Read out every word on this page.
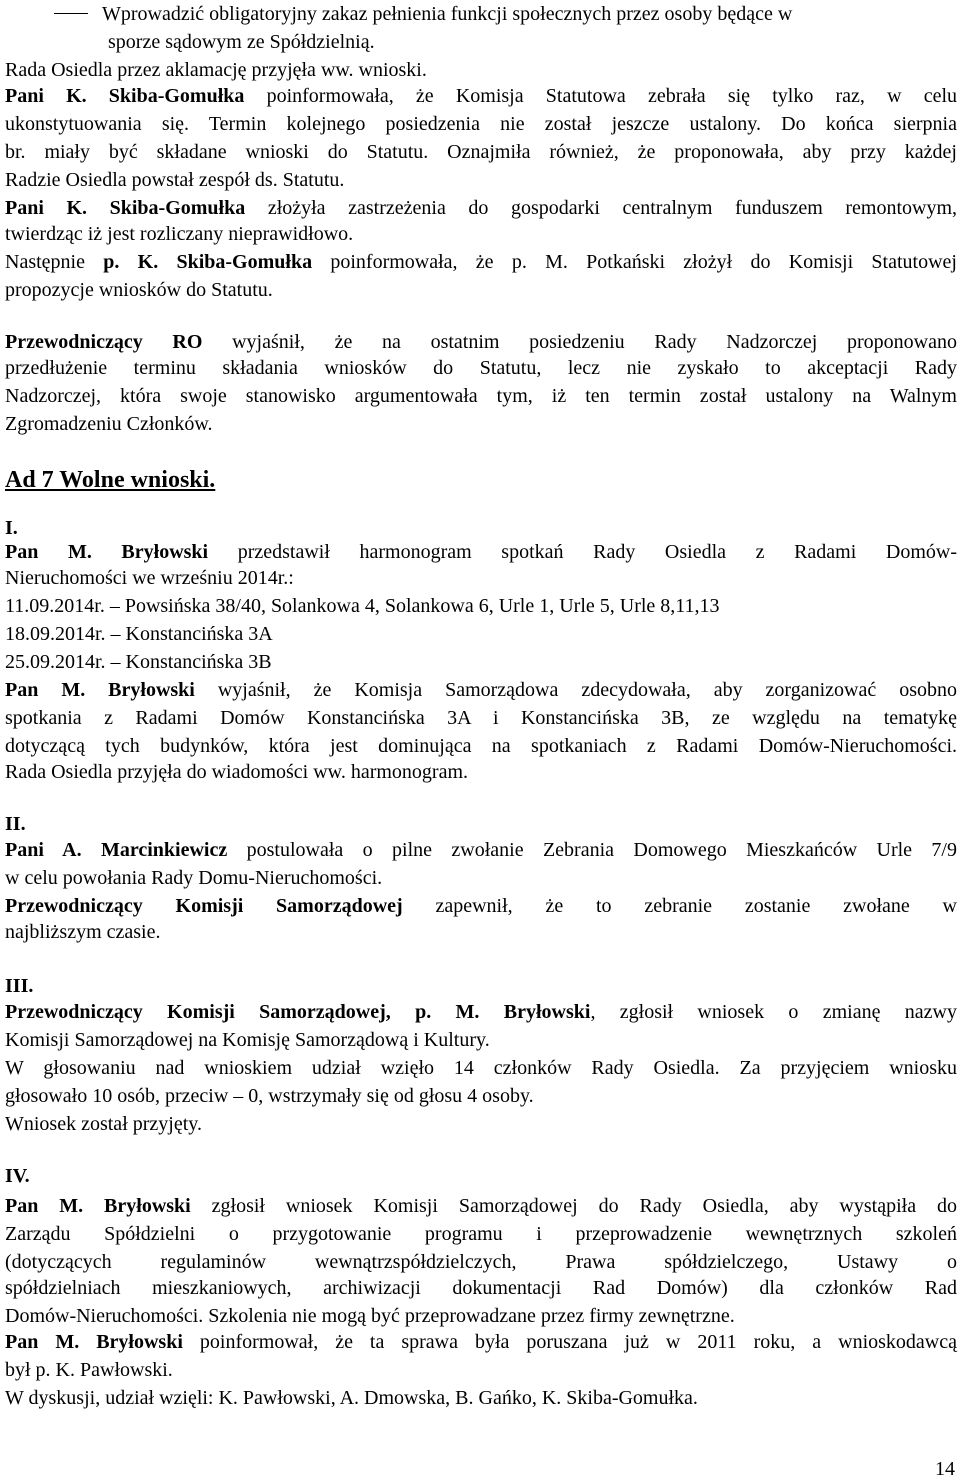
Wprowadzić obligatoryjny zakaz pełnienia funkcji społecznych przez osoby będące w
sporze sądowym ze Spółdzielnią.
Rada Osiedla przez aklamację przyjęła ww. wnioski.
Pani K. Skiba-Gomułka poinformowała, że Komisja Statutowa zebrała się tylko raz, w celu
ukonstytuowania się. Termin kolejnego posiedzenia nie został jeszcze ustalony. Do końca sierpnia
br. miały być składane wnioski do Statutu. Oznajmiła również, że proponowała, aby przy każdej
Radzie Osiedla powstał zespół ds. Statutu.
Pani K. Skiba-Gomułka złożyła zastrzeżenia do gospodarki centralnym funduszem remontowym,
twierdząc iż jest rozliczany nieprawidłowo.
Następnie p. K. Skiba-Gomułka poinformowała, że p. M. Potkański złożył do Komisji Statutowej
propozycje wniosków do Statutu.
Przewodniczący RO wyjaśnił, że na ostatnim posiedzeniu Rady Nadzorczej proponowano
przedłużenie terminu składania wniosków do Statutu, lecz nie zyskało to akceptacji Rady
Nadzorczej, która swoje stanowisko argumentowała tym, iż ten termin został ustalony na Walnym
Zgromadzeniu Członków.
Ad 7 Wolne wnioski.
I.
Pan M. Bryłowski przedstawił harmonogram spotkań Rady Osiedla z Radami Domów-
Nieruchomości we wrześniu 2014r.:
11.09.2014r. – Powsińska 38/40, Solankowa 4, Solankowa 6, Urle 1, Urle 5, Urle 8,11,13
18.09.2014r. – Konstancińska 3A
25.09.2014r. – Konstancińska 3B
Pan M. Bryłowski wyjaśnił, że Komisja Samorządowa zdecydowała, aby zorganizować osobno
spotkania z Radami Domów Konstancińska 3A i Konstancińska 3B, ze względu na tematykę
dotyczącą tych budynków, która jest dominująca na spotkaniach z Radami Domów-Nieruchomości.
Rada Osiedla przyjęła do wiadomości ww. harmonogram.
II.
Pani A. Marcinkiewicz postulowała o pilne zwołanie Zebrania Domowego Mieszkańców Urle 7/9
w celu powołania Rady Domu-Nieruchomości.
Przewodniczący Komisji Samorządowej zapewnił, że to zebranie zostanie zwołane w
najbliższym czasie.
III.
Przewodniczący Komisji Samorządowej, p. M. Bryłowski, zgłosił wniosek o zmianę nazwy
Komisji Samorządowej na Komisję Samorządową i Kultury.
W głosowaniu nad wnioskiem udział wzięło 14 członków Rady Osiedla. Za przyjęciem wniosku
głosowało 10 osób, przeciw – 0, wstrzymały się od głosu 4 osoby.
Wniosek został przyjęty.
IV.
Pan M. Bryłowski zgłosił wniosek Komisji Samorządowej do Rady Osiedla, aby wystąpiła do
Zarządu Spółdzielni o przygotowanie programu i przeprowadzenie wewnętrznych szkoleń
(dotyczących regulaminów wewnątrzspółdzielczych, Prawa spółdzielczego, Ustawy o
spółdzielniach mieszkaniowych, archiwizacji dokumentacji Rad Domów) dla członków Rad
Domów-Nieruchomości. Szkolenia nie mogą być przeprowadzane przez firmy zewnętrzne.
Pan M. Bryłowski poinformował, że ta sprawa była poruszana już w 2011 roku, a wnioskodawcą
był p. K. Pawłowski.
W dyskusji, udział wzięli: K. Pawłowski, A. Dmowska, B. Gańko, K. Skiba-Gomułka.
14
